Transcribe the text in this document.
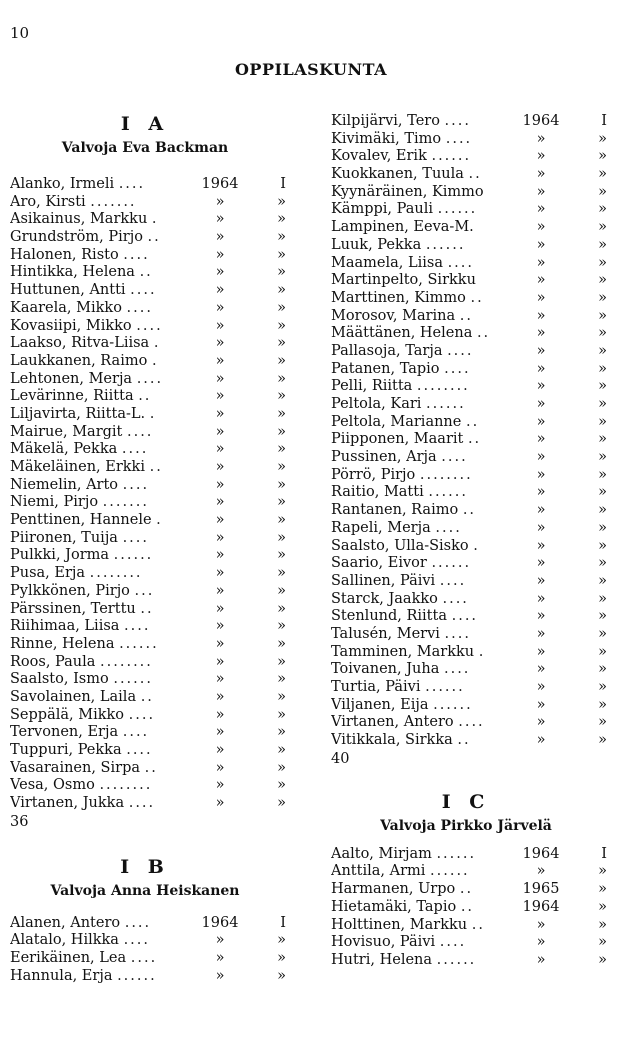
10
OPPILASKUNTA
I A
Valvoja Eva Backman
Alanko, Irmeli ....	1964	I
Aro, Kirsti .......	»	»
Asikainus, Markku .	»	»
Grundström, Pirjo ..	»	»
Halonen, Risto ....	»	»
Hintikka, Helena ..	»	»
Huttunen, Antti ....	»	»
Kaarela, Mikko ....	»	»
Kovasiipi, Mikko ....	»	»
Laakso, Ritva-Liisa .	»	»
Laukkanen, Raimo .	»	»
Lehtonen, Merja ....	»	»
Levärinne, Riitta ..	»	»
Liljavirta, Riitta-L. .	»	»
Mairue, Margit ....	»	»
Mäkelä, Pekka ....	»	»
Mäkeläinen, Erkki ..	»	»
Niemelin, Arto ....	»	»
Niemi, Pirjo .......	»	»
Penttinen, Hannele .	»	»
Piironen, Tuija ....	»	»
Pulkki, Jorma ......	»	»
Pusa, Erja ........	»	»
Pylkkönen, Pirjo ...	»	»
Pärssinen, Terttu ..	»	»
Riihimaa, Liisa ....	»	»
Rinne, Helena ......	»	»
Roos, Paula ........	»	»
Saalsto, Ismo ......	»	»
Savolainen, Laila ..	»	»
Seppälä, Mikko ....	»	»
Tervonen, Erja ....	»	»
Tuppuri, Pekka ....	»	»
Vasarainen, Sirpa ..	»	»
Vesa, Osmo ........	»	»
Virtanen, Jukka ....	»	»
36
I B
Valvoja Anna Heiskanen
Alanen, Antero ....	1964	I
Alatalo, Hilkka ....	»	»
Eerikäinen, Lea ....	»	»
Hannula, Erja ......	»	»
Kilpijärvi, Tero ....	1964	I
Kivimäki, Timo ....	»	»
Kovalev, Erik ......	»	»
Kuokkanen, Tuula ..	»	»
Kyynäräinen, Kimmo	»	»
Kämppi, Pauli ......	»	»
Lampinen, Eeva-M.	»	»
Luuk, Pekka ......	»	»
Maamela, Liisa ....	»	»
Martinpelto, Sirkku	»	»
Marttinen, Kimmo ..	»	»
Morosov, Marina ..	»	»
Määttänen, Helena ..	»	»
Pallasoja, Tarja ....	»	»
Patanen, Tapio ....	»	»
Pelli, Riitta ........	»	»
Peltola, Kari ......	»	»
Peltola, Marianne ..	»	»
Piipponen, Maarit ..	»	»
Pussinen, Arja ....	»	»
Pörrö, Pirjo ........	»	»
Raitio, Matti ......	»	»
Rantanen, Raimo ..	»	»
Rapeli, Merja ....	»	»
Saalsto, Ulla-Sisko .	»	»
Saario, Eivor ......	»	»
Sallinen, Päivi ....	»	»
Starck, Jaakko ....	»	»
Stenlund, Riitta ....	»	»
Talusén, Mervi ....	»	»
Tamminen, Markku .	»	»
Toivanen, Juha ....	»	»
Turtia, Päivi ......	»	»
Viljanen, Eija ......	»	»
Virtanen, Antero ....	»	»
Vitikkala, Sirkka ..	»	»
40
I C
Valvoja Pirkko Järvelä
Aalto, Mirjam ......	1964	I
Anttila, Armi ......	»	»
Harmanen, Urpo ..	1965	»
Hietamäki, Tapio ..	1964	»
Holttinen, Markku ..	»	»
Hovisuo, Päivi ....	»	»
Hutri, Helena ......	»	»
